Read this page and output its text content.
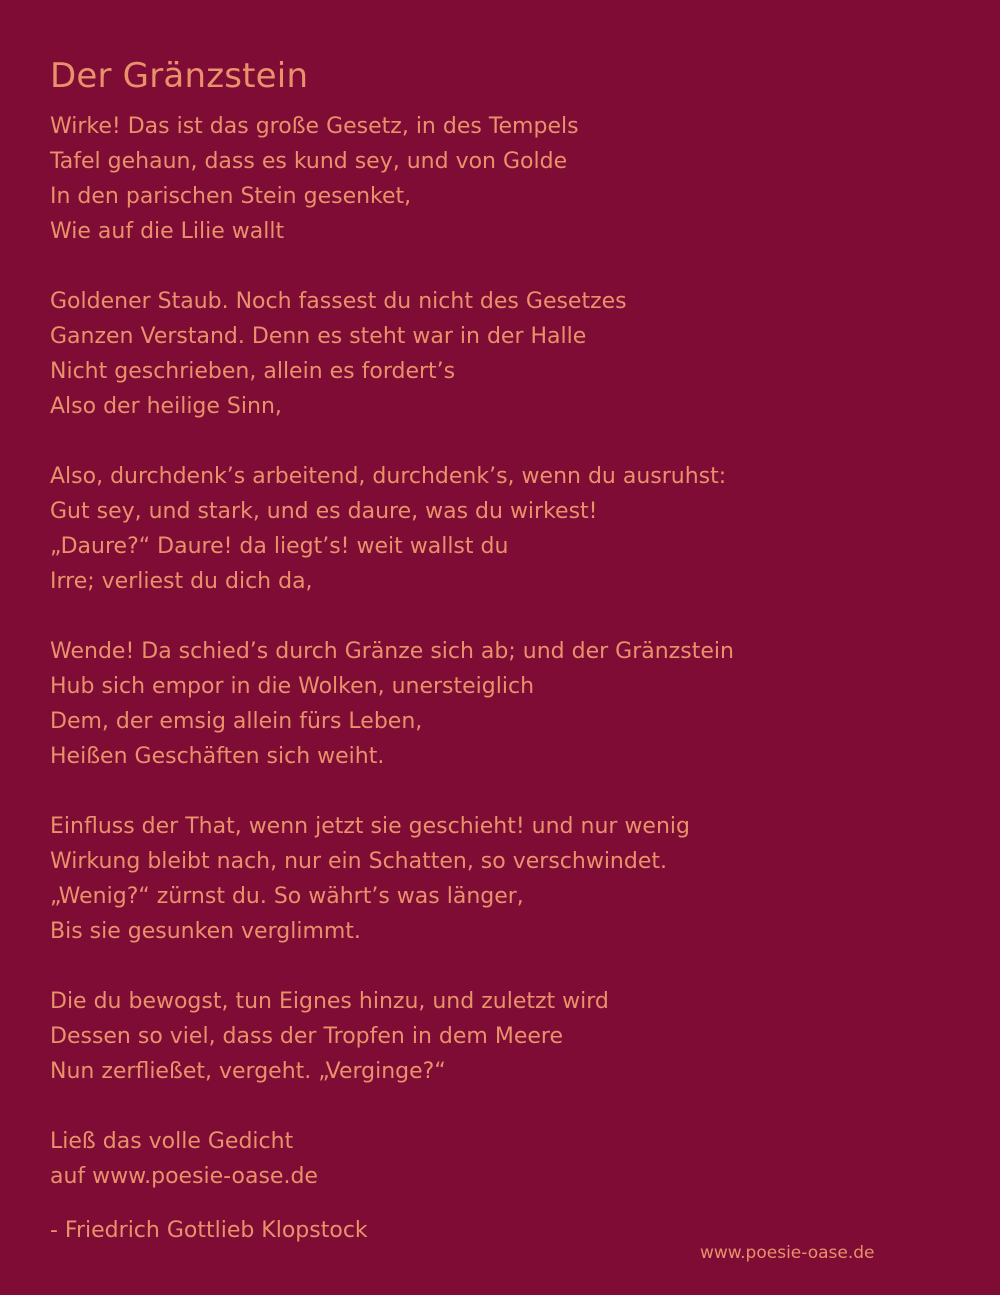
Der Gränzstein
Wirke! Das ist das große Gesetz, in des Tempels
Tafel gehaun, dass es kund sey, und von Golde
In den parischen Stein gesenket,
Wie auf die Lilie wallt
Goldener Staub. Noch fassest du nicht des Gesetzes
Ganzen Verstand. Denn es steht war in der Halle
Nicht geschrieben, allein es fordert’s
Also der heilige Sinn,
Also, durchdenk’s arbeitend, durchdenk’s, wenn du ausruhst:
Gut sey, und stark, und es daure, was du wirkest!
„Daure?“ Daure! da liegt’s! weit wallst du
Irre; verliest du dich da,
Wende! Da schied’s durch Gränze sich ab; und der Gränzstein
Hub sich empor in die Wolken, unersteiglich
Dem, der emsig allein fürs Leben,
Heißen Geschäften sich weiht.
Einfluss der That, wenn jetzt sie geschieht! und nur wenig
Wirkung bleibt nach, nur ein Schatten, so verschwindet.
„Wenig?“ zürnst du. So währt’s was länger,
Bis sie gesunken verglimmt.
Die du bewogst, tun Eignes hinzu, und zuletzt wird
Dessen so viel, dass der Tropfen in dem Meere
Nun zerfließet, vergeht. „Verginge?“
Ließ das volle Gedicht
auf www.poesie-oase.de
- Friedrich Gottlieb Klopstock
www.poesie-oase.de
